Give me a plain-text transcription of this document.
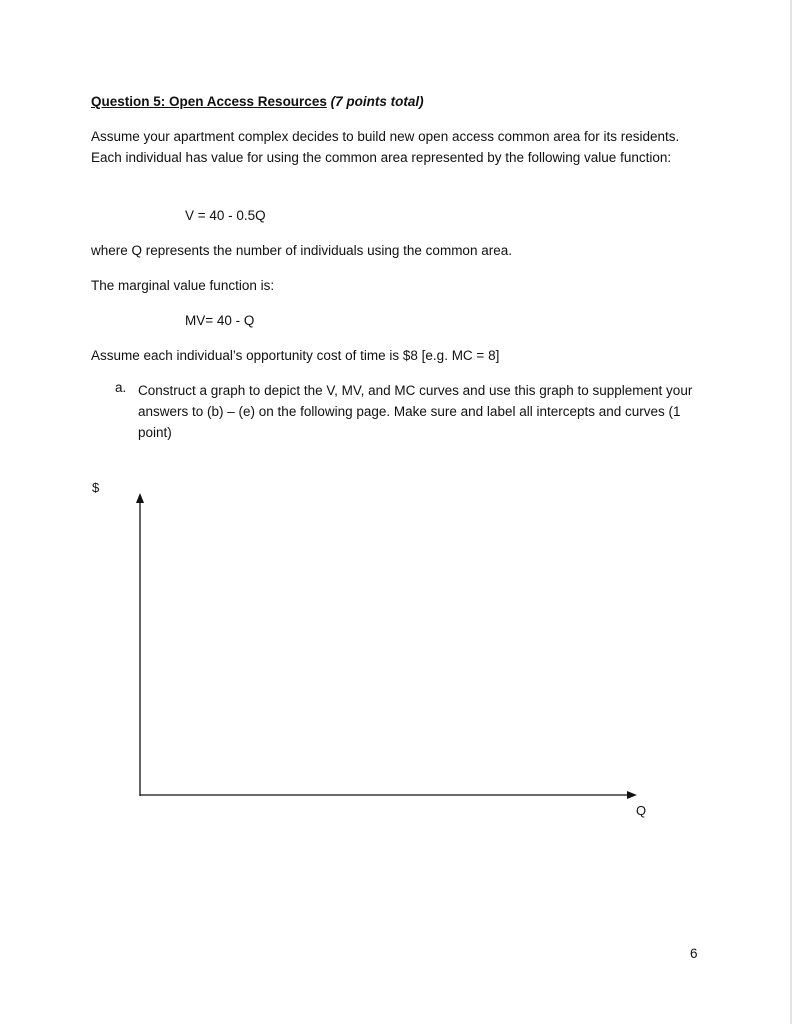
Question 5: Open Access Resources (7 points total)
Assume your apartment complex decides to build new open access common area for its residents. Each individual has value for using the common area represented by the following value function:
V = 40 - 0.5Q
where Q represents the number of individuals using the common area.
The marginal value function is:
MV= 40 - Q
Assume each individual’s opportunity cost of time is $8 [e.g. MC = 8]
a. Construct a graph to depict the V, MV, and MC curves and use this graph to supplement your answers to (b) – (e) on the following page. Make sure and label all intercepts and curves (1 point)
$
Q
6
